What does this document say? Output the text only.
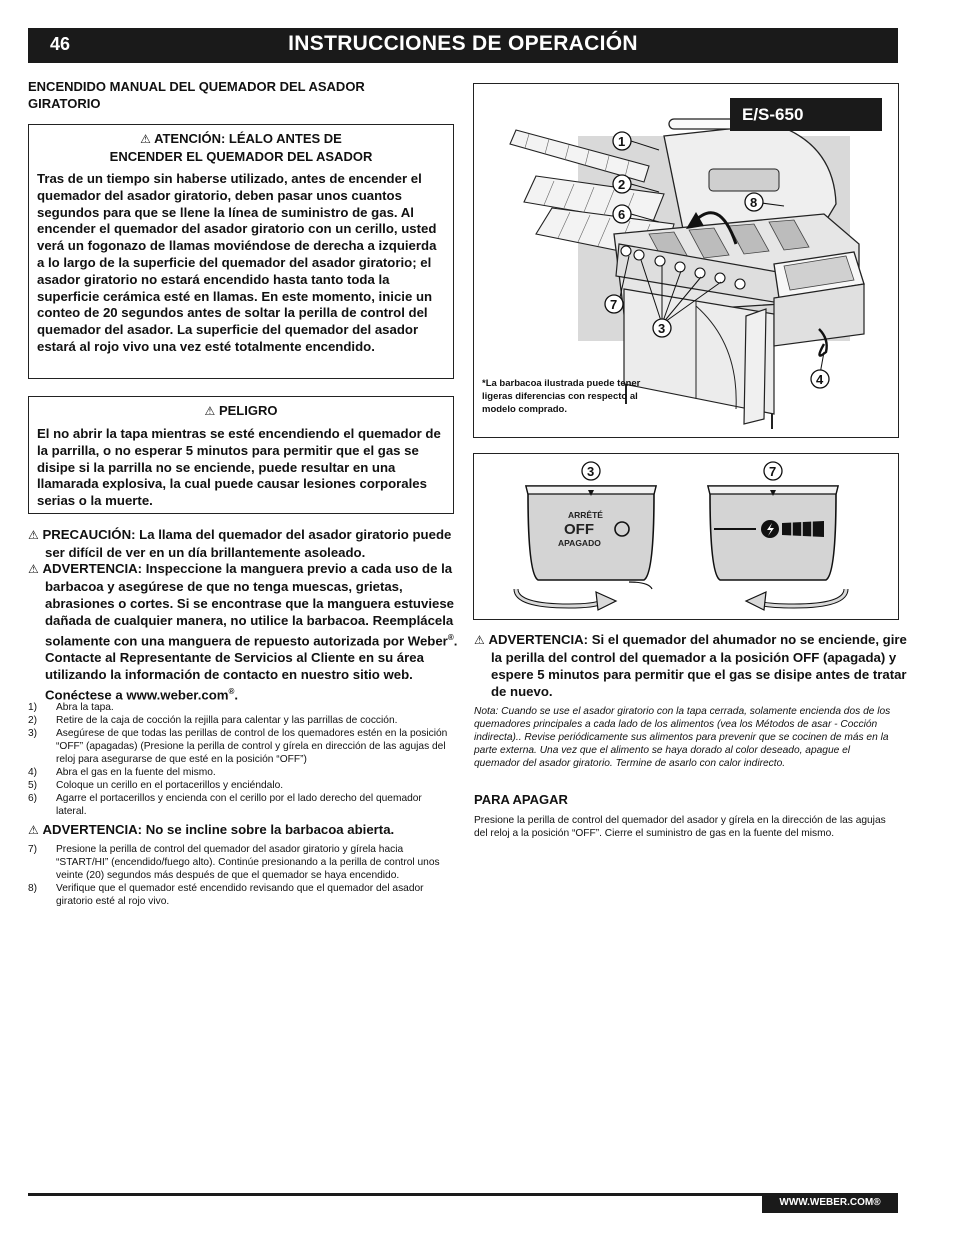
46	INSTRUCCIONES DE OPERACIÓN
ENCENDIDO MANUAL DEL QUEMADOR DEL ASADOR GIRATORIO
⚠ ATENCIÓN: LÉALO ANTES DE
ENCENDER EL QUEMADOR DEL ASADOR
Tras de un tiempo sin haberse utilizado, antes de encender el quemador del asador giratorio, deben pasar unos cuantos segundos para que se llene la línea de suministro de gas. Al encender el quemador del asador giratorio con un cerillo, usted verá un fogonazo de llamas moviéndose de derecha a izquierda a lo largo de la superficie del quemador del asador giratorio; el asador giratorio no estará encendido hasta tanto toda la superficie cerámica esté en llamas. En este momento, inicie un conteo de 20 segundos antes de soltar la perilla de control del quemador del asador. La superficie del quemador del asador estará al rojo vivo una vez esté totalmente encendido.
⚠ PELIGRO
El no abrir la tapa mientras se esté encendiendo el quemador de la parrilla, o no esperar 5 minutos para permitir que el gas se disipe si la parrilla no se enciende, puede resultar en una llamarada explosiva, la cual puede causar lesiones corporales serias o la muerte.
⚠ PRECAUCIÓN: La llama del quemador del asador giratorio puede ser difícil de ver en un día brillantemente asoleado.
⚠ ADVERTENCIA: Inspeccione la manguera previo a cada uso de la barbacoa y asegúrese de que no tenga muescas, grietas, abrasiones o cortes. Si se encontrase que la manguera estuviese dañada de cualquier manera, no utilice la barbacoa. Reemplácela solamente con una manguera de repuesto autorizada por Weber®. Contacte al Representante de Servicios al Cliente en su área utilizando la información de contacto en nuestro sitio web. Conéctese a www.weber.com®.
1)	Abra la tapa.
2)	Retire de la caja de cocción la rejilla para calentar y las parrillas de cocción.
3)	Asegúrese de que todas las perillas de control de los quemadores estén en la posición “OFF” (apagadas) (Presione la perilla de control y gírela en dirección de las agujas del reloj para asegurarse de que esté en la posición “OFF”)
4)	Abra el gas en la fuente del mismo.
5)	Coloque un cerillo en el portacerillos y enciéndalo.
6)	Agarre el portacerillos y encienda con el cerillo por el lado derecho del quemador lateral.
⚠ ADVERTENCIA: No se incline sobre la barbacoa abierta.
7)	Presione la perilla de control del quemador del asador giratorio y gírela hacia “START/HI” (encendido/fuego alto). Continúe presionando a la perilla de control unos veinte (20) segundos más después de que el quemador se haya encendido.
8)	Verifique que el quemador esté encendido revisando que el quemador del asador giratorio esté al rojo vivo.
1
2
6
7
3
8
4
*La barbacoa ilustrada puede tener ligeras diferencias con respecto al modelo comprado.
E/S-650
ARRÊTÉ
OFF
APAGADO
3	7
⚠ ADVERTENCIA: Si el quemador del ahumador no se enciende, gire la perilla del control del quemador a la posición OFF (apagada) y espere 5 minutos para permitir que el gas se disipe antes de tratar de nuevo.
Nota: Cuando se use el asador giratorio con la tapa cerrada, solamente encienda dos de los quemadores principales a cada lado de los alimentos (vea los Métodos de asar - Cocción indirecta).. Revise periódicamente sus alimentos para prevenir que se cocinen de más en la parte externa. Una vez que el alimento se haya dorado al color deseado, apague el quemador del asador giratorio. Termine de asarlo con calor indirecto.
PARA APAGAR
Presione la perilla de control del quemador del asador y gírela en la dirección de las agujas del reloj a la posición “OFF”. Cierre el suministro de gas en la fuente del mismo.
WWW.WEBER.COM®
